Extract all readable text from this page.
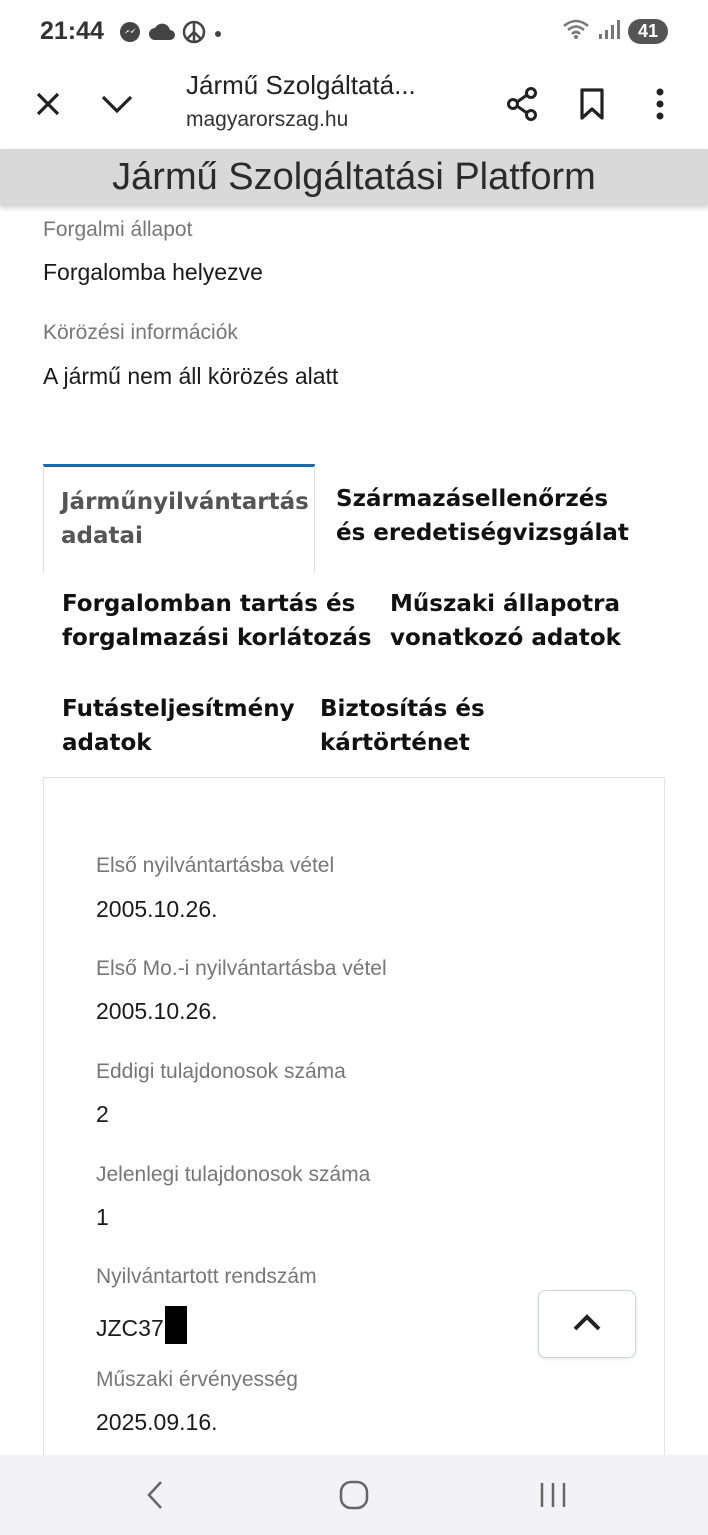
21:44	41
Jármű Szolgáltatá...
magyarorszag.hu
Jármű Szolgáltatási Platform
Forgalmi állapot
Forgalomba helyezve
Körözési információk
A jármű nem áll körözés alatt
Járműnyilvántartás
adatai
Származásellenőrzés
és eredetiségvizsgálat
Forgalomban tartás és
forgalmazási korlátozás
Műszaki állapotra
vonatkozó adatok
Futásteljesítmény
adatok
Biztosítás és
kártörténet
Első nyilvántartásba vétel
2005.10.26.
Első Mo.-i nyilvántartásba vétel
2005.10.26.
Eddigi tulajdonosok száma
2
Jelenlegi tulajdonosok száma
1
Nyilvántartott rendszám
JZC37
Műszaki érvényesség
2025.09.16.
